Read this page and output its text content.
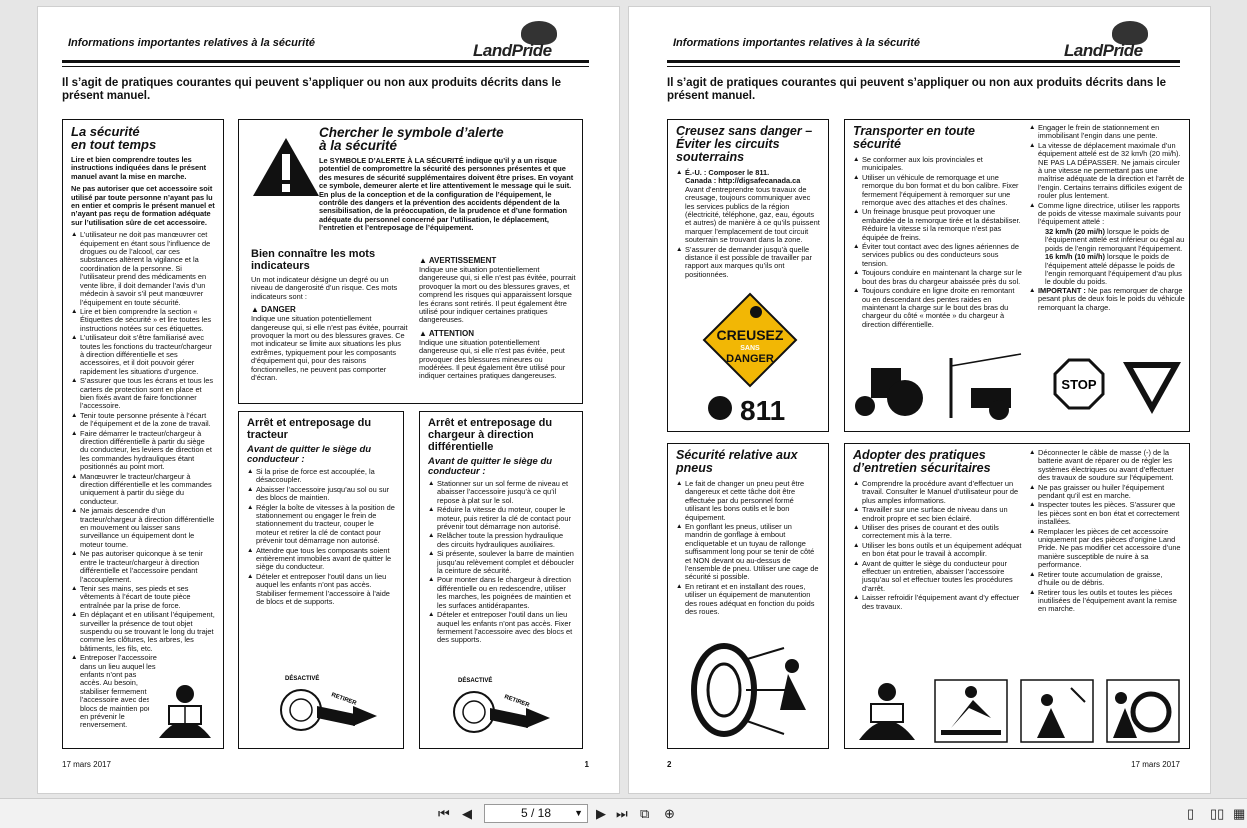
Informations importantes relatives à la sécurité	LandPride
Il s’agit de pratiques courantes qui peuvent s’appliquer ou non aux produits décrits dans le présent manuel.
La sécurité
en tout temps
Lire et bien comprendre toutes les instructions indiquées dans le présent manuel avant la mise en marche.
Ne pas autoriser que cet accessoire soit utilisé par toute personne n’ayant pas lu en entier et compris le présent manuel et n’ayant pas reçu de formation adéquate sur l’utilisation sûre de cet accessoire.
▲ L’utilisateur ne doit pas manœuvrer cet équipement en étant sous l’influence de drogues ou de l’alcool, car ces substances altèrent la vigilance et la coordination de la personne. Si l’utilisateur prend des médicaments en vente libre, il doit demander l’avis d’un médecin à savoir s’il peut manœuvrer l’équipement en toute sécurité.
▲ Lire et bien comprendre la section « Étiquettes de sécurité » et lire toutes les instructions notées sur ces étiquettes.
▲ L’utilisateur doit s’être familiarisé avec toutes les fonctions du tracteur/chargeur à direction différentielle et ses accessoires, et il doit pouvoir gérer rapidement les situations d’urgence.
▲ S’assurer que tous les écrans et tous les carters de protection sont en place et bien fixés avant de faire fonctionner l’accessoire.
▲ Tenir toute personne présente à l’écart de l’équipement et de la zone de travail.
▲ Faire démarrer le tracteur/chargeur à direction différentielle à partir du siège du conducteur, les leviers de direction et les commandes hydrauliques étant positionnés au point mort.
▲ Manœuvrer le tracteur/chargeur à direction différentielle et les commandes uniquement à partir du siège du conducteur.
▲ Ne jamais descendre d’un tracteur/chargeur à direction différentielle en mouvement ou laisser sans surveillance un équipement dont le moteur tourne.
▲ Ne pas autoriser quiconque à se tenir entre le tracteur/chargeur à direction différentielle et l’accessoire pendant l’accouplement.
▲ Tenir ses mains, ses pieds et ses vêtements à l’écart de toute pièce entraînée par la prise de force.
▲ En déplaçant et en utilisant l’équipement, surveiller la présence de tout objet suspendu ou se trouvant le long du trajet comme les clôtures, les arbres, les bâtiments, les fils, etc.
▲ Entreposer l’accessoire dans un lieu auquel les enfants n’ont pas accès. Au besoin, stabiliser fermement l’accessoire avec des blocs de maintien pour en prévenir le renversement.
Chercher le symbole d’alerte
à la sécurité
Le SYMBOLE D’ALERTE À LA SÉCURITÉ indique qu’il y a un risque potentiel de compromettre la sécurité des personnes présentes et que des mesures de sécurité supplémentaires doivent être prises. En voyant ce symbole, demeurer alerte et lire attentivement le message qui le suit. En plus de la conception et de la configuration de l’équipement, le contrôle des dangers et la prévention des accidents dépendent de la sensibilisation, de la préoccupation, de la prudence et d’une formation adéquate du personnel concerné par l’utilisation, le déplacement, l’entretien et l’entreposage de l’équipement.
Bien connaître les mots indicateurs
Un mot indicateur désigne un degré ou un niveau de dangerosité d’un risque. Ces mots indicateurs sont :
▲ DANGER
Indique une situation potentiellement dangereuse qui, si elle n’est pas évitée, pourrait provoquer la mort ou des blessures graves. Ce mot indicateur se limite aux situations les plus extrêmes, typiquement pour les composants d’équipement qui, pour des raisons fonctionnelles, ne peuvent pas comporter d’écran.
▲ AVERTISSEMENT
Indique une situation potentiellement dangereuse qui, si elle n’est pas évitée, pourrait provoquer la mort ou des blessures graves, et comprend les risques qui apparaissent lorsque les écrans sont retirés. Il peut également être utilisé pour indiquer certaines pratiques dangereuses.
▲ ATTENTION
Indique une situation potentiellement dangereuse qui, si elle n’est pas évitée, peut provoquer des blessures mineures ou modérées. Il peut également être utilisé pour indiquer certaines pratiques dangereuses.
Arrêt et entreposage du tracteur
Avant de quitter le siège du conducteur :
▲ Si la prise de force est accouplée, la désaccoupler.
▲ Abaisser l’accessoire jusqu’au sol ou sur des blocs de maintien.
▲ Régler la boîte de vitesses à la position de stationnement ou engager le frein de stationnement du tracteur, couper le moteur et retirer la clé de contact pour prévenir tout démarrage non autorisé.
▲ Attendre que tous les composants soient entièrement immobiles avant de quitter le siège du conducteur.
▲ Dételer et entreposer l’outil dans un lieu auquel les enfants n’ont pas accès. Stabiliser fermement l’accessoire à l’aide de blocs et de supports.
DÉSACTIVÉ
RETIRER
Arrêt et entreposage du chargeur à direction différentielle
Avant de quitter le siège du conducteur :
▲ Stationner sur un sol ferme de niveau et abaisser l’accessoire jusqu’à ce qu’il repose à plat sur le sol.
▲ Réduire la vitesse du moteur, couper le moteur, puis retirer la clé de contact pour prévenir tout démarrage non autorisé.
▲ Relâcher toute la pression hydraulique des circuits hydrauliques auxiliaires.
▲ Si présente, soulever la barre de maintien jusqu’au relèvement complet et déboucler la ceinture de sécurité.
▲ Pour monter dans le chargeur à direction différentielle ou en redescendre, utiliser les marches, les poignées de maintien et les surfaces antidérapantes.
▲ Dételer et entreposer l’outil dans un lieu auquel les enfants n’ont pas accès. Fixer fermement l’accessoire avec des blocs et des supports.
DÉSACTIVÉ
RETIRER
17 mars 2017	1
Informations importantes relatives à la sécurité	LandPride
Il s’agit de pratiques courantes qui peuvent s’appliquer ou non aux produits décrits dans le présent manuel.
Creusez sans danger – Éviter les circuits souterrains
▲ É.-U. : Composer le 811.
Canada : http://digsafecanada.ca
Avant d’entreprendre tous travaux de creusage, toujours communiquer avec les services publics de la région (électricité, téléphone, gaz, eau, égouts et autres) de manière à ce qu’ils puissent marquer l’emplacement de tout circuit souterrain se trouvant dans la zone.
▲ S’assurer de demander jusqu’à quelle distance il est possible de travailler par rapport aux marques qu’ils ont positionnées.
CREUSEZ
SANS
DANGER
811
Transporter en toute sécurité
▲ Se conformer aux lois provinciales et municipales.
▲ Utiliser un véhicule de remorquage et une remorque du bon format et du bon calibre. Fixer fermement l’équipement à remorquer sur une remorque avec des attaches et des chaînes.
▲ Un freinage brusque peut provoquer une embardée de la remorque tirée et la déstabiliser. Réduire la vitesse si la remorque n’est pas équipée de freins.
▲ Éviter tout contact avec des lignes aériennes de services publics ou des conducteurs sous tension.
▲ Toujours conduire en maintenant la charge sur le bout des bras du chargeur abaissée près du sol.
▲ Toujours conduire en ligne droite en remontant ou en descendant des pentes raides en maintenant la charge sur le bout des bras du chargeur du côté « montée » du chargeur à direction différentielle.
▲ Engager le frein de stationnement en immobilisant l’engin dans une pente.
▲ La vitesse de déplacement maximale d’un équipement attelé est de 32 km/h (20 mi/h). NE PAS LA DÉPASSER. Ne jamais circuler à une vitesse ne permettant pas une maîtrise adéquate de la direction et l’arrêt de l’engin. Certains terrains difficiles exigent de rouler plus lentement.
▲ Comme ligne directrice, utiliser les rapports de poids de vitesse maximale suivants pour l’équipement attelé :
32 km/h (20 mi/h) lorsque le poids de l’équipement attelé est inférieur ou égal au poids de l’engin remorquant l’équipement.
16 km/h (10 mi/h) lorsque le poids de l’équipement attelé dépasse le poids de l’engin remorquant l’équipement d’au plus le double du poids.
▲ IMPORTANT : Ne pas remorquer de charge pesant plus de deux fois le poids du véhicule remorquant la charge.
STOP
Sécurité relative aux pneus
▲ Le fait de changer un pneu peut être dangereux et cette tâche doit être effectuée par du personnel formé utilisant les bons outils et le bon équipement.
▲ En gonflant les pneus, utiliser un mandrin de gonflage à embout encliquetable et un tuyau de rallonge suffisamment long pour se tenir de côté et NON devant ou au-dessus de l’ensemble de pneu. Utiliser une cage de sécurité si possible.
▲ En retirant et en installant des roues, utiliser un équipement de manutention des roues adéquat en fonction du poids des roues.
Adopter des pratiques d’entretien sécuritaires
▲ Comprendre la procédure avant d’effectuer un travail. Consulter le Manuel d’utilisateur pour de plus amples informations.
▲ Travailler sur une surface de niveau dans un endroit propre et sec bien éclairé.
▲ Utiliser des prises de courant et des outils correctement mis à la terre.
▲ Utiliser les bons outils et un équipement adéquat en bon état pour le travail à accomplir.
▲ Avant de quitter le siège du conducteur pour effectuer un entretien, abaisser l’accessoire jusqu’au sol et effectuer toutes les procédures d’arrêt.
▲ Laisser refroidir l’équipement avant d’y effectuer des travaux.
▲ Déconnecter le câble de masse (-) de la batterie avant de réparer ou de régler les systèmes électriques ou avant d’effectuer des travaux de soudure sur l’équipement.
▲ Ne pas graisser ou huiler l’équipement pendant qu’il est en marche.
▲ Inspecter toutes les pièces. S’assurer que les pièces sont en bon état et correctement installées.
▲ Remplacer les pièces de cet accessoire uniquement par des pièces d’origine Land Pride. Ne pas modifier cet accessoire d’une manière susceptible de nuire à sa performance.
▲ Retirer toute accumulation de graisse, d’huile ou de débris.
▲ Retirer tous les outils et toutes les pièces inutilisées de l’équipement avant la remise en marche.
2	17 mars 2017
⏮ ◀	5 / 18	▼ ▶ ⏭ ⧉ ⊕	▯ ▯▯ ▦
